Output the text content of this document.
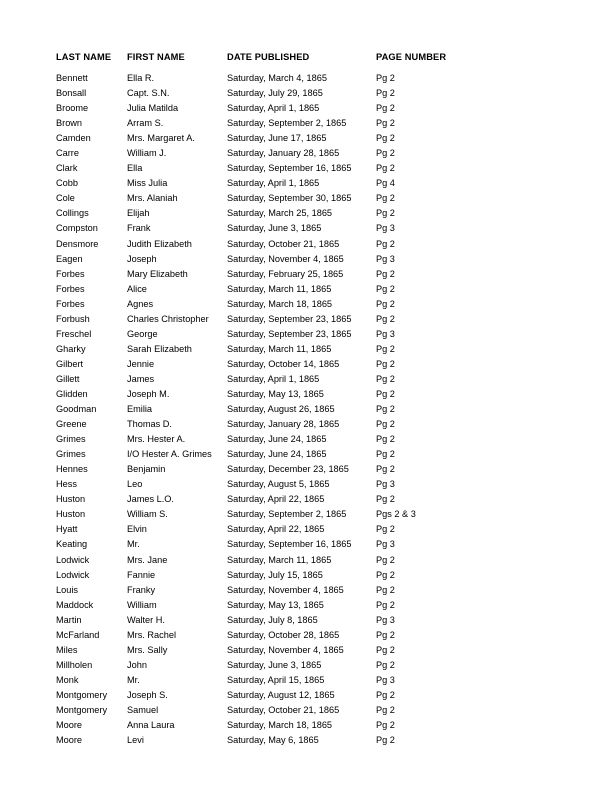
LAST NAME	FIRST NAME	DATE PUBLISHED	PAGE NUMBER

Bennett	Ella R.	Saturday, March 4, 1865	Pg 2

Bonsall	Capt. S.N.	Saturday, July 29, 1865	Pg 2

Broome	Julia Matilda	Saturday, April 1, 1865	Pg 2

Brown	Arram S.	Saturday, September 2, 1865	Pg 2

Camden	Mrs. Margaret A.	Saturday, June 17, 1865	Pg 2

Carre	William J.	Saturday, January 28, 1865	Pg 2

Clark	Ella	Saturday, September 16, 1865	Pg 2

Cobb	Miss Julia	Saturday, April 1, 1865	Pg 4

Cole	Mrs. Alaniah	Saturday, September 30, 1865	Pg 2

Collings	Elijah	Saturday, March 25, 1865	Pg 2

Compston	Frank	Saturday, June 3, 1865	Pg 3

Densmore	Judith Elizabeth	Saturday, October 21, 1865	Pg 2

Eagen	Joseph	Saturday, November 4, 1865	Pg 3

Forbes	Mary Elizabeth	Saturday, February 25, 1865	Pg 2

Forbes	Alice	Saturday, March 11, 1865	Pg 2

Forbes	Agnes	Saturday, March 18, 1865	Pg 2

Forbush	Charles Christopher	Saturday, September 23, 1865	Pg 2

Freschel	George	Saturday, September 23, 1865	Pg 3

Gharky	Sarah Elizabeth	Saturday, March 11, 1865	Pg 2

Gilbert	Jennie	Saturday, October 14, 1865	Pg 2

Gillett	James	Saturday, April 1, 1865	Pg 2

Glidden	Joseph M.	Saturday, May 13, 1865	Pg 2

Goodman	Emilia	Saturday, August 26, 1865	Pg 2

Greene	Thomas D.	Saturday, January 28, 1865	Pg 2

Grimes	Mrs. Hester A.	Saturday, June 24, 1865	Pg 2

Grimes	I/O Hester A. Grimes	Saturday, June 24, 1865	Pg 2

Hennes	Benjamin	Saturday, December 23, 1865	Pg 2

Hess	Leo	Saturday, August 5, 1865	Pg 3

Huston	James L.O.	Saturday, April 22, 1865	Pg 2

Huston	William S.	Saturday, September 2, 1865	Pgs 2 & 3

Hyatt	Elvin	Saturday, April 22, 1865	Pg 2

Keating	Mr.	Saturday, September 16, 1865	Pg 3

Lodwick	Mrs. Jane	Saturday, March 11, 1865	Pg 2

Lodwick	Fannie	Saturday, July 15, 1865	Pg 2

Louis	Franky	Saturday, November 4, 1865	Pg 2

Maddock	William	Saturday, May 13, 1865	Pg 2

Martin	Walter H.	Saturday, July 8, 1865	Pg 3

McFarland	Mrs. Rachel	Saturday, October 28, 1865	Pg 2

Miles	Mrs. Sally	Saturday, November 4, 1865	Pg 2

Millholen	John	Saturday, June 3, 1865	Pg 2

Monk	Mr.	Saturday, April 15, 1865	Pg 3

Montgomery	Joseph S.	Saturday, August 12, 1865	Pg 2

Montgomery	Samuel	Saturday, October 21, 1865	Pg 2

Moore	Anna Laura	Saturday, March 18, 1865	Pg 2

Moore	Levi	Saturday, May 6, 1865	Pg 2
